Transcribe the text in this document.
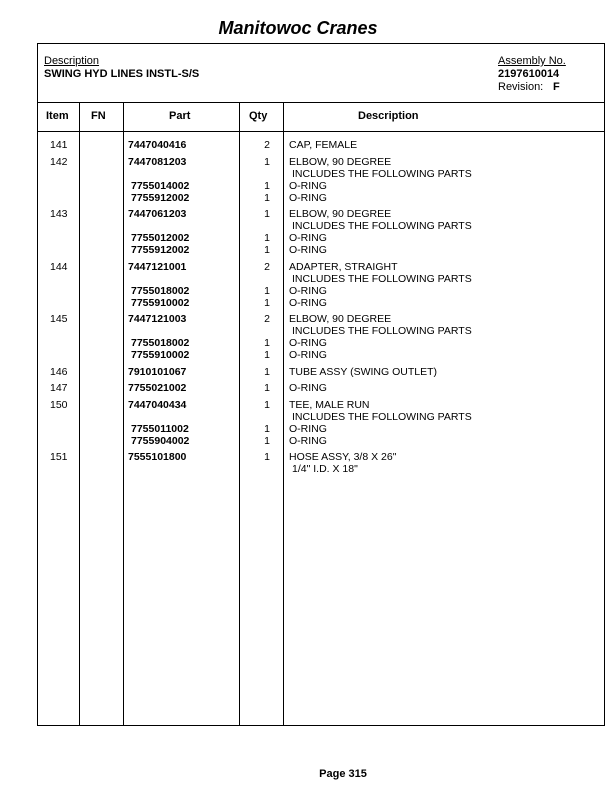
Manitowoc Cranes
Description
SWING HYD LINES INSTL-S/S
Assembly No.
2197610014
Revision: F
Item FN	Part	Qty	Description
141	7447040416	2 CAP, FEMALE
142	7447081203	1 ELBOW, 90 DEGREE
INCLUDES THE FOLLOWING PARTS
7755014002	1 O-RING
7755912002	1 O-RING
143	7447061203	1 ELBOW, 90 DEGREE
INCLUDES THE FOLLOWING PARTS
7755012002	1 O-RING
7755912002	1 O-RING
144	7447121001	2 ADAPTER, STRAIGHT
INCLUDES THE FOLLOWING PARTS
7755018002	1 O-RING
7755910002	1 O-RING
145	7447121003	2 ELBOW, 90 DEGREE
INCLUDES THE FOLLOWING PARTS
7755018002	1 O-RING
7755910002	1 O-RING
146	7910101067	1 TUBE ASSY (SWING OUTLET)
147	7755021002	1 O-RING
150	7447040434	1 TEE, MALE RUN
INCLUDES THE FOLLOWING PARTS
7755011002	1 O-RING
7755904002	1 O-RING
151	7555101800	1 HOSE ASSY, 3/8 X 26"
1/4" I.D. X 18"
Page 315
